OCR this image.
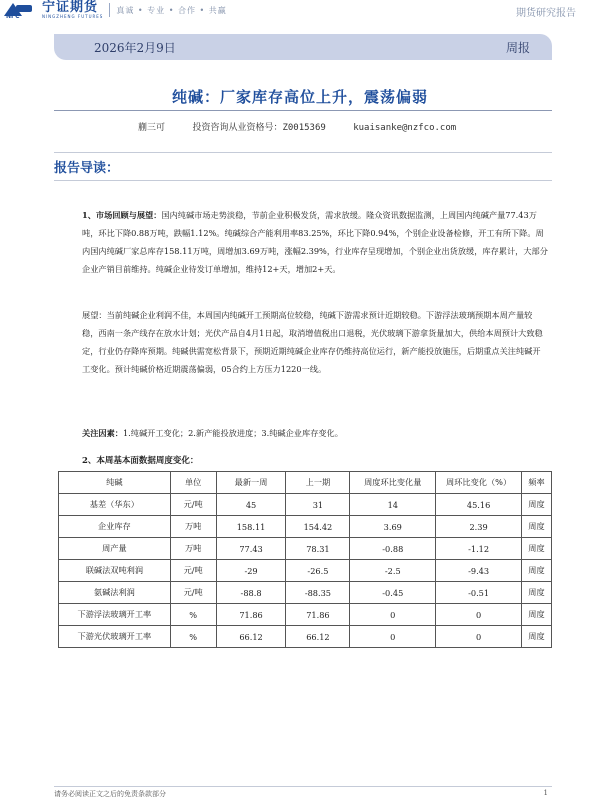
NFC
宁证期货
NINGZHENG FUTURES
真诚 • 专业 • 合作 • 共赢	期货研究报告
2026年2月9日	周报
纯碱：厂家库存高位上升，震荡偏弱
蒯三可	投资咨询从业资格号：Z0015369	kuaisanke@nzfco.com
报告导读：
1、市场回顾与展望：国内纯碱市场走势淡稳，节前企业积极发货，需求放缓。隆众资讯数据监测，上周国内纯碱产量77.43万吨，环比下降0.88万吨，跌幅1.12%。纯碱综合产能利用率83.25%，环比下降0.94%，个别企业设备检修，开工有所下降。周内国内纯碱厂家总库存158.11万吨，周增加3.69万吨，涨幅2.39%，行业库存呈现增加，个别企业出货放缓，库存累计，大部分企业产销目前维持。纯碱企业待发订单增加，维持12+天，增加2+天。
展望：当前纯碱企业利润不佳，本周国内纯碱开工预期高位较稳，纯碱下游需求预计近期较稳。下游浮法玻璃预期本周产量较稳，西南一条产线存在放水计划；光伏产品自4月1日起，取消增值税出口退税，光伏玻璃下游拿货量加大，供给本周预计大致稳定，行业仍存降库预期。纯碱供需宽松背景下，预期近期纯碱企业库存仍维持高位运行，新产能投放施压，后期重点关注纯碱开工变化。预计纯碱价格近期震荡偏弱，05合约上方压力1220一线。
关注因素：1.纯碱开工变化；2.新产能投放进度；3.纯碱企业库存变化。
2、本周基本面数据周度变化：
纯碱	单位	最新一周	上一期	周度环比变化量	周环比变化（%）	频率
基差（华东）	元/吨	45	31	14	45.16	周度
企业库存	万吨	158.11	154.42	3.69	2.39	周度
周产量	万吨	77.43	78.31	-0.88	-1.12	周度
联碱法双吨利润	元/吨	-29	-26.5	-2.5	-9.43	周度
氨碱法利润	元/吨	-88.8	-88.35	-0.45	-0.51	周度
下游浮法玻璃开工率	%	71.86	71.86	0	0	周度
下游光伏玻璃开工率	%	66.12	66.12	0	0	周度
请务必阅读正文之后的免责条款部分	1
